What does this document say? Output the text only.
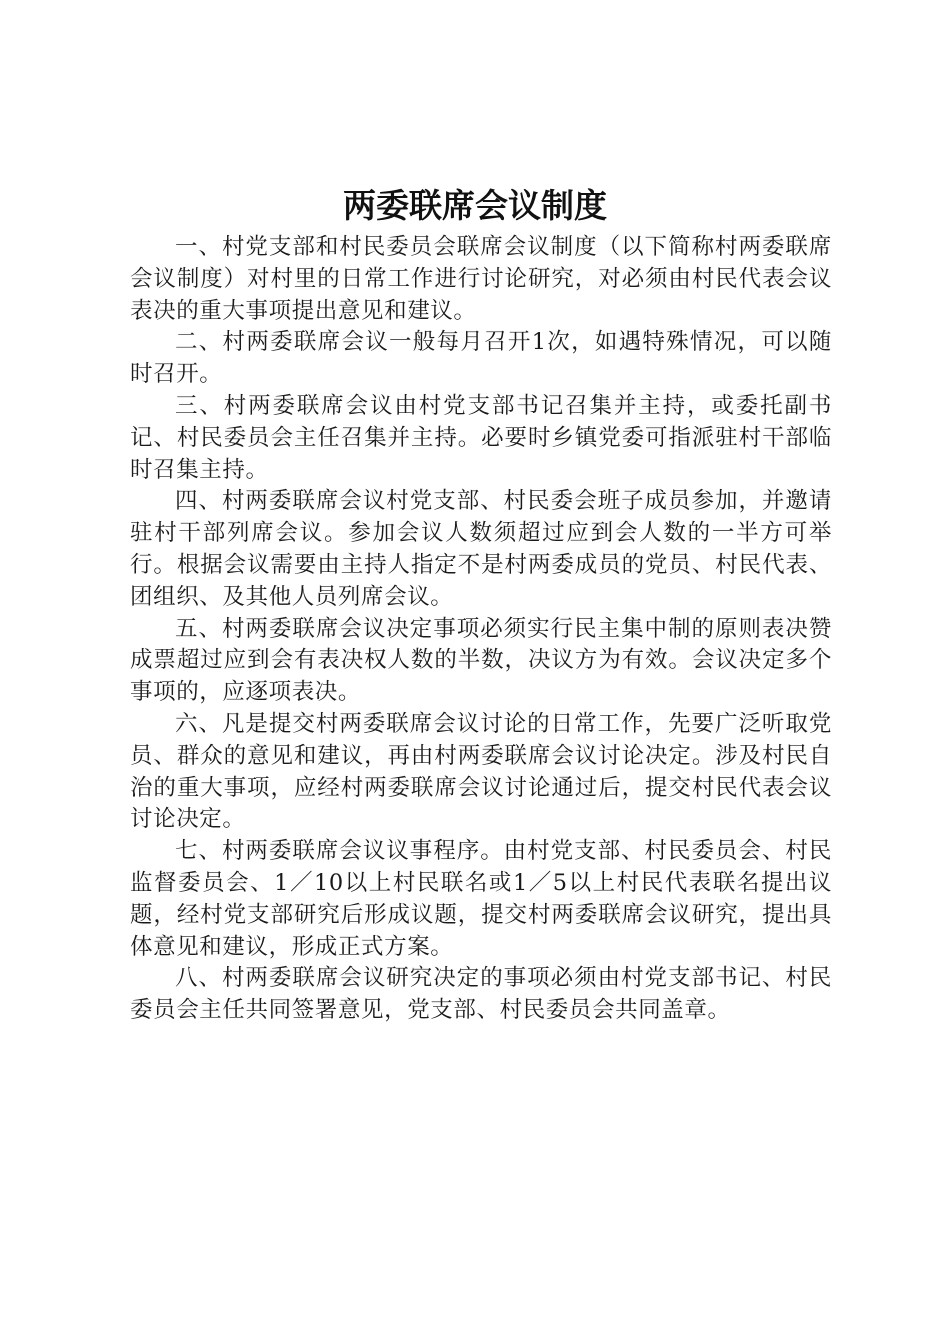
两委联席会议制度

一、村党支部和村民委员会联席会议制度（以下简称村两委联席会议制度）对村里的日常工作进行讨论研究，对必须由村民代表会议表决的重大事项提出意见和建议。

二、村两委联席会议一般每月召开1次，如遇特殊情况，可以随时召开。

三、村两委联席会议由村党支部书记召集并主持，或委托副书记、村民委员会主任召集并主持。必要时乡镇党委可指派驻村干部临时召集主持。

四、村两委联席会议村党支部、村民委会班子成员参加，并邀请驻村干部列席会议。参加会议人数须超过应到会人数的一半方可举行。根据会议需要由主持人指定不是村两委成员的党员、村民代表、团组织、及其他人员列席会议。

五、村两委联席会议决定事项必须实行民主集中制的原则表决赞成票超过应到会有表决权人数的半数，决议方为有效。会议决定多个事项的，应逐项表决。

六、凡是提交村两委联席会议讨论的日常工作，先要广泛听取党员、群众的意见和建议，再由村两委联席会议讨论决定。涉及村民自治的重大事项，应经村两委联席会议讨论通过后，提交村民代表会议讨论决定。

七、村两委联席会议议事程序。由村党支部、村民委员会、村民监督委员会、1／10以上村民联名或1／5以上村民代表联名提出议题，经村党支部研究后形成议题，提交村两委联席会议研究，提出具体意见和建议，形成正式方案。

八、村两委联席会议研究决定的事项必须由村党支部书记、村民委员会主任共同签署意见，党支部、村民委员会共同盖章。
